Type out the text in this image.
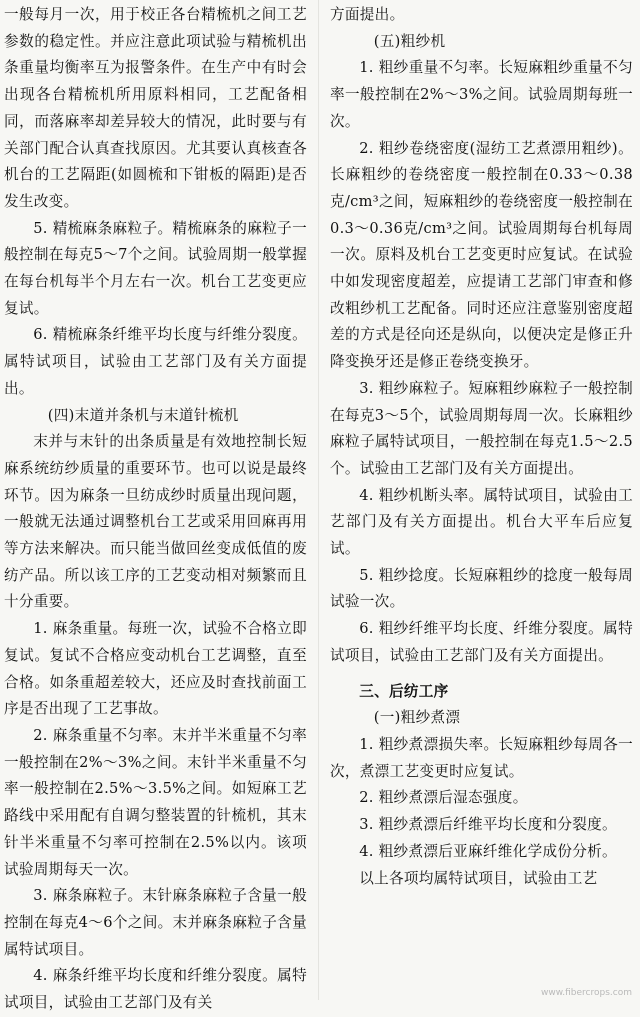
一般每月一次，用于校正各台精梳机之间工艺参数的稳定性。并应注意此项试验与精梳机出条重量均衡率互为报警条件。在生产中有时会出现各台精梳机所用原料相同，工艺配备相同，而落麻率却差异较大的情况，此时要与有关部门配合认真查找原因。尤其要认真核查各机台的工艺隔距(如圆梳和下钳板的隔距)是否发生改变。

5. 精梳麻条麻粒子。精梳麻条的麻粒子一般控制在每克5～7个之间。试验周期一般掌握在每台机每半个月左右一次。机台工艺变更应复试。

6. 精梳麻条纤维平均长度与纤维分裂度。属特试项目，试验由工艺部门及有关方面提出。

(四)末道并条机与末道针梳机

末并与末针的出条质量是有效地控制长短麻系统纺纱质量的重要环节。也可以说是最终环节。因为麻条一旦纺成纱时质量出现问题，一般就无法通过调整机台工艺或采用回麻再用等方法来解决。而只能当做回丝变成低值的废纺产品。所以该工序的工艺变动相对频繁而且十分重要。

1. 麻条重量。每班一次，试验不合格立即复试。复试不合格应变动机台工艺调整，直至合格。如条重超差较大，还应及时查找前面工序是否出现了工艺事故。

2. 麻条重量不匀率。末并半米重量不匀率一般控制在2%～3%之间。末针半米重量不匀率一般控制在2.5%～3.5%之间。如短麻工艺路线中采用配有自调匀整装置的针梳机，其末针半米重量不匀率可控制在2.5%以内。该项试验周期每天一次。

3. 麻条麻粒子。末针麻条麻粒子含量一般控制在每克4～6个之间。末并麻条麻粒子含量属特试项目。

4. 麻条纤维平均长度和纤维分裂度。属特试项目，试验由工艺部门及有关

方面提出。

(五)粗纱机

1. 粗纱重量不匀率。长短麻粗纱重量不匀率一般控制在2%～3%之间。试验周期每班一次。

2. 粗纱卷绕密度(湿纺工艺煮漂用粗纱)。长麻粗纱的卷绕密度一般控制在0.33～0.38克/cm³之间，短麻粗纱的卷绕密度一般控制在0.3～0.36克/cm³之间。试验周期每台机每周一次。原料及机台工艺变更时应复试。在试验中如发现密度超差，应提请工艺部门审查和修改粗纱机工艺配备。同时还应注意鉴别密度超差的方式是径向还是纵向，以便决定是修正升降变换牙还是修正卷绕变换牙。

3. 粗纱麻粒子。短麻粗纱麻粒子一般控制在每克3～5个，试验周期每周一次。长麻粗纱麻粒子属特试项目，一般控制在每克1.5～2.5个。试验由工艺部门及有关方面提出。

4. 粗纱机断头率。属特试项目，试验由工艺部门及有关方面提出。机台大平车后应复试。

5. 粗纱捻度。长短麻粗纱的捻度一般每周试验一次。

6. 粗纱纤维平均长度、纤维分裂度。属特试项目，试验由工艺部门及有关方面提出。

三、后纺工序

(一)粗纱煮漂

1. 粗纱煮漂损失率。长短麻粗纱每周各一次，煮漂工艺变更时应复试。

2. 粗纱煮漂后湿态强度。

3. 粗纱煮漂后纤维平均长度和分裂度。

4. 粗纱煮漂后亚麻纤维化学成份分析。

以上各项均属特试项目，试验由工艺

www.fibercrops.com
